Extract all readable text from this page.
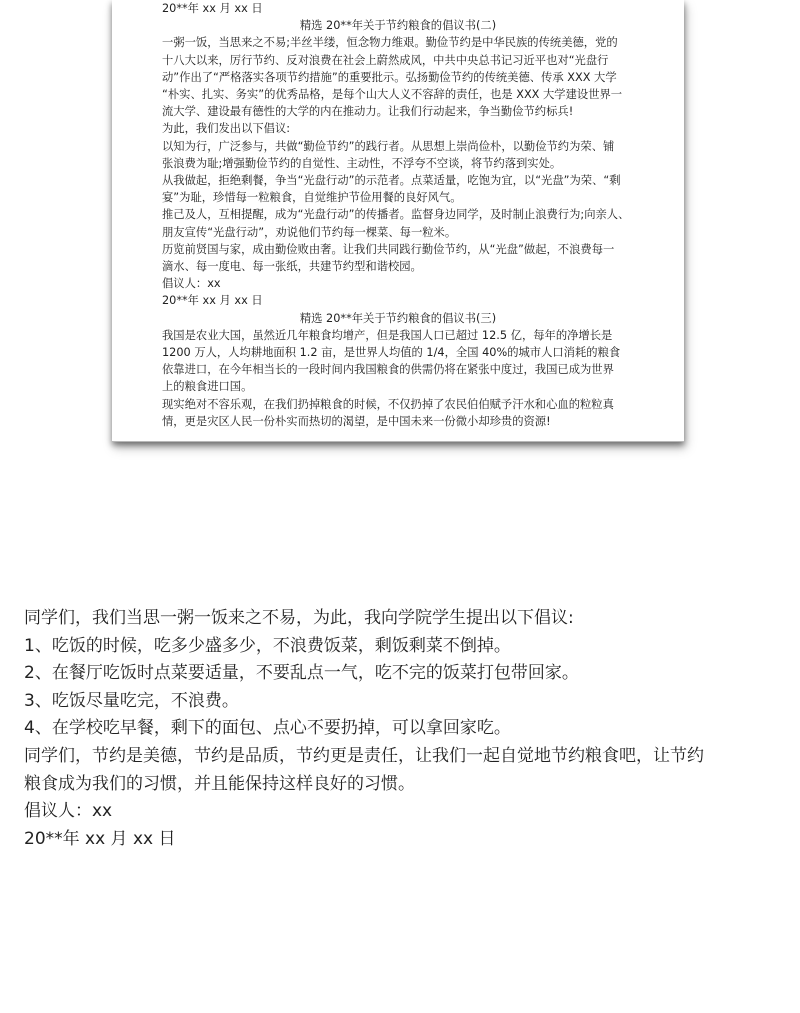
20**年 xx 月 xx 日

精选 20**年关于节约粮食的倡议书(二)

一粥一饭，当思来之不易;半丝半缕，恒念物力维艰。勤俭节约是中华民族的传统美德，党的

十八大以来，厉行节约、反对浪费在社会上蔚然成风，中共中央总书记习近平也对“光盘行

动”作出了“严格落实各项节约措施”的重要批示。弘扬勤俭节约的传统美德、传承 XXX 大学

“朴实、扎实、务实”的优秀品格，是每个山大人义不容辞的责任，也是 XXX 大学建设世界一

流大学、建设最有德性的大学的内在推动力。让我们行动起来，争当勤俭节约标兵!

为此，我们发出以下倡议:

以知为行，广泛参与，共做“勤俭节约”的践行者。从思想上崇尚俭朴，以勤俭节约为荣、铺

张浪费为耻;增强勤俭节约的自觉性、主动性，不浮夸不空谈，将节约落到实处。

从我做起，拒绝剩餐，争当“光盘行动”的示范者。点菜适量，吃饱为宜，以“光盘”为荣、“剩

宴”为耻，珍惜每一粒粮食，自觉维护节俭用餐的良好风气。

推己及人，互相提醒，成为“光盘行动”的传播者。监督身边同学，及时制止浪费行为;向亲人、

朋友宣传“光盘行动”，劝说他们节约每一棵菜、每一粒米。

历览前贤国与家，成由勤俭败由奢。让我们共同践行勤俭节约，从“光盘”做起，不浪费每一

滴水、每一度电、每一张纸，共建节约型和谐校园。

倡议人：xx

20**年 xx 月 xx 日

精选 20**年关于节约粮食的倡议书(三)

我国是农业大国，虽然近几年粮食均增产，但是我国人口已超过 12.5 亿，每年的净增长是

1200 万人，人均耕地面积 1.2 亩，是世界人均值的 1/4，全国 40%的城市人口消耗的粮食

依靠进口，在今年相当长的一段时间内我国粮食的供需仍将在紧张中度过，我国已成为世界

上的粮食进口国。

现实绝对不容乐观，在我们扔掉粮食的时候，不仅扔掉了农民伯伯赋予汗水和心血的粒粒真

情，更是灾区人民一份朴实而热切的渴望，是中国未来一份微小却珍贵的资源!

同学们，我们当思一粥一饭来之不易，为此，我向学院学生提出以下倡议:

1、吃饭的时候，吃多少盛多少，不浪费饭菜，剩饭剩菜不倒掉。

2、在餐厅吃饭时点菜要适量，不要乱点一气，吃不完的饭菜打包带回家。

3、吃饭尽量吃完，不浪费。

4、在学校吃早餐，剩下的面包、点心不要扔掉，可以拿回家吃。

同学们，节约是美德，节约是品质，节约更是责任，让我们一起自觉地节约粮食吧，让节约

粮食成为我们的习惯，并且能保持这样良好的习惯。

倡议人：xx

20**年 xx 月 xx 日
